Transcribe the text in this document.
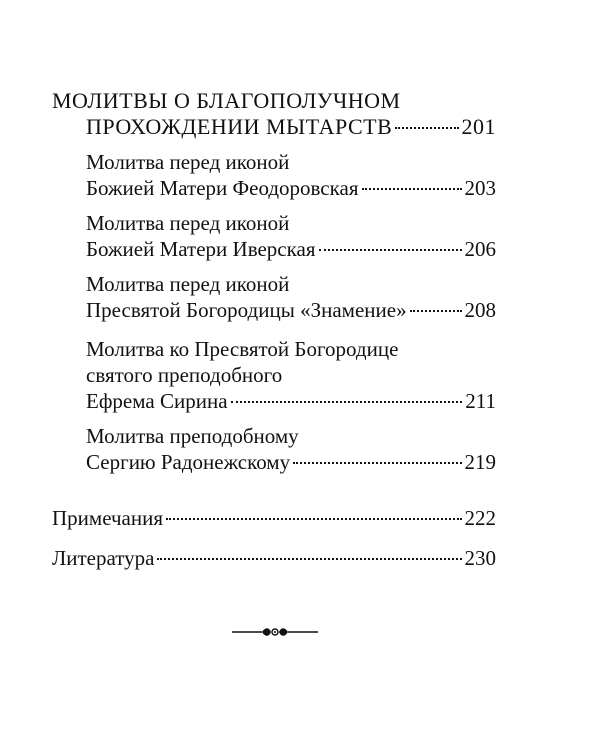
МОЛИТВЫ О БЛАГОПОЛУЧНОМ
ПРОХОЖДЕНИИ МЫТАРСТВ	201
Молитва перед иконой
Божией Матери Феодоровская	203
Молитва перед иконой
Божией Матери Иверская	206
Молитва перед иконой
Пресвятой Богородицы «Знамение»	208
Молитва ко Пресвятой Богородице
святого преподобного
Ефрема Сирина	211
Молитва преподобному
Сергию Радонежскому	219
Примечания	222
Литература	230
